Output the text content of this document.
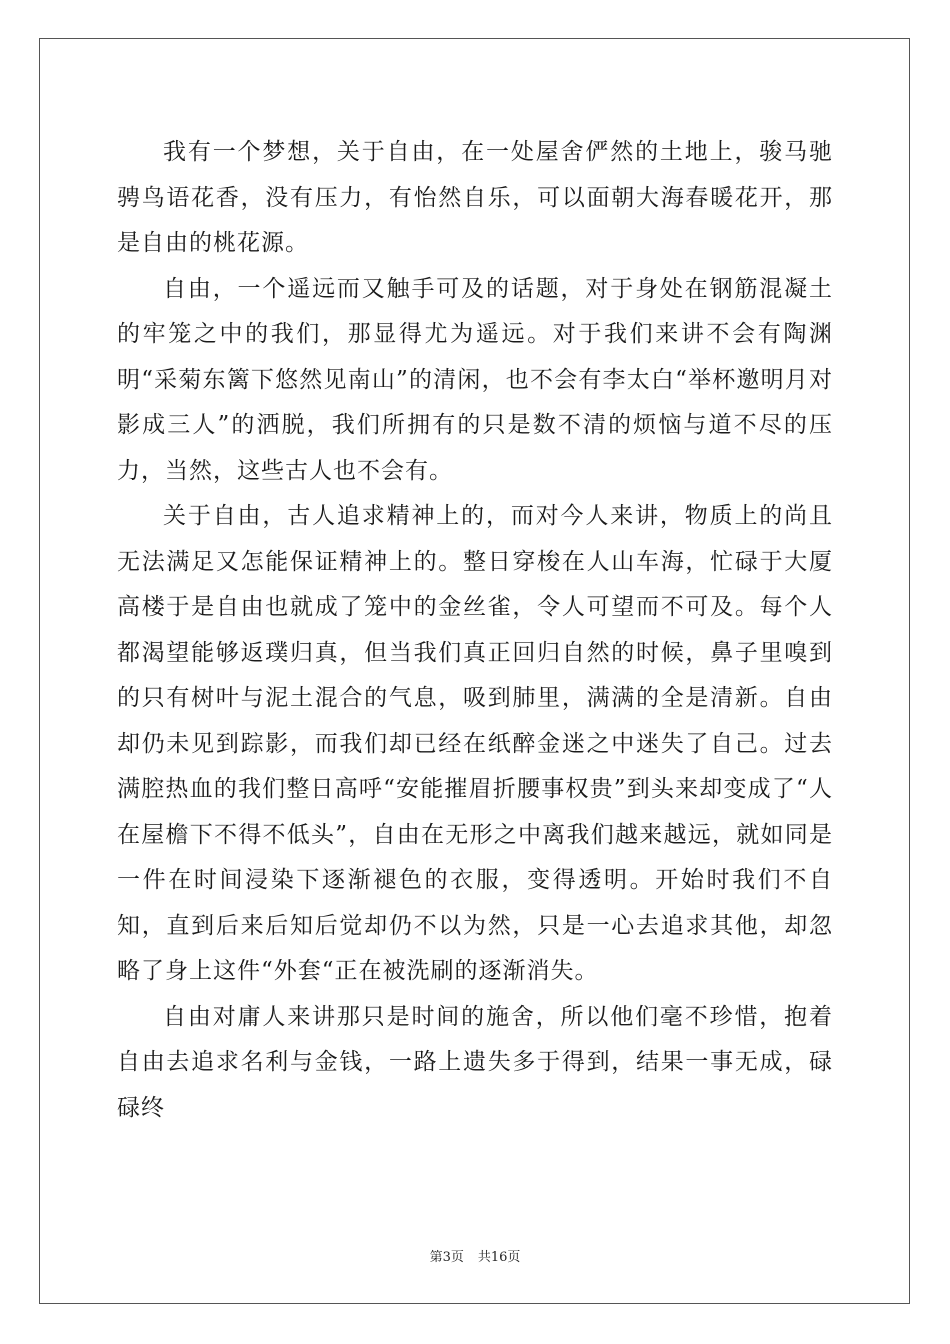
我有一个梦想，关于自由，在一处屋舍俨然的土地上，骏马驰骋鸟语花香，没有压力，有怡然自乐，可以面朝大海春暖花开，那是自由的桃花源。

自由，一个遥远而又触手可及的话题，对于身处在钢筋混凝土的牢笼之中的我们，那显得尤为遥远。对于我们来讲不会有陶渊明“采菊东篱下悠然见南山”的清闲，也不会有李太白“举杯邀明月对影成三人”的洒脱，我们所拥有的只是数不清的烦恼与道不尽的压力，当然，这些古人也不会有。

关于自由，古人追求精神上的，而对今人来讲，物质上的尚且无法满足又怎能保证精神上的。整日穿梭在人山车海，忙碌于大厦高楼于是自由也就成了笼中的金丝雀，令人可望而不可及。每个人都渴望能够返璞归真，但当我们真正回归自然的时候，鼻子里嗅到的只有树叶与泥土混合的气息，吸到肺里，满满的全是清新。自由却仍未见到踪影，而我们却已经在纸醉金迷之中迷失了自己。过去满腔热血的我们整日高呼“安能摧眉折腰事权贵”到头来却变成了“人在屋檐下不得不低头”，自由在无形之中离我们越来越远，就如同是一件在时间浸染下逐渐褪色的衣服，变得透明。开始时我们不自知，直到后来后知后觉却仍不以为然，只是一心去追求其他，却忽略了身上这件“外套“正在被洗刷的逐渐消失。

自由对庸人来讲那只是时间的施舍，所以他们毫不珍惜，抱着自由去追求名利与金钱，一路上遗失多于得到，结果一事无成，碌碌终

第3页 共16页
